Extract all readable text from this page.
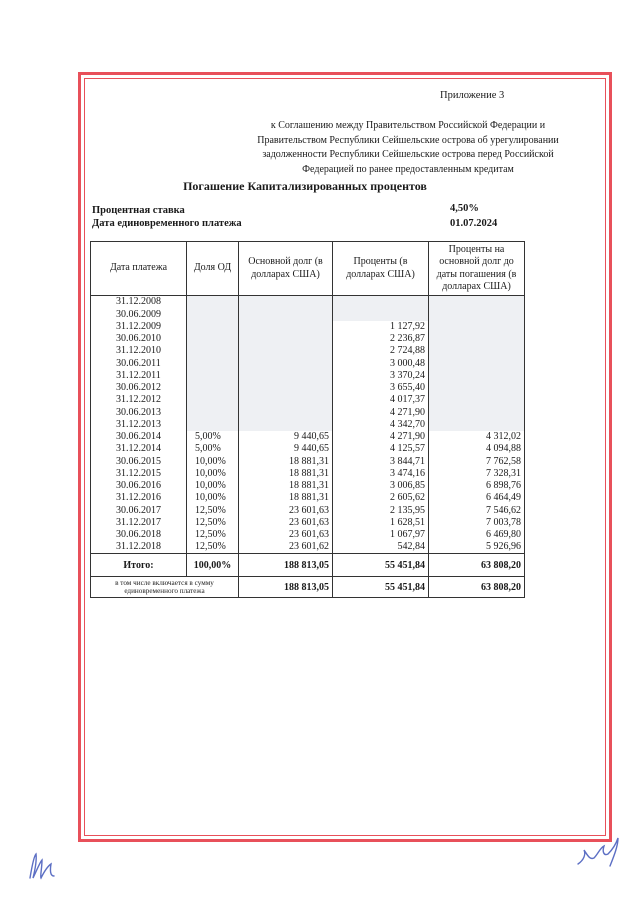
Приложение 3
к Соглашению между Правительством Российской Федерации и
Правительством Республики Сейшельские острова об урегулировании
задолженности Республики Сейшельские острова перед Российской
Федерацией по ранее предоставленным кредитам
Погашение Капитализированных процентов
Процентная ставка	4,50%
Дата единовременного платежа	01.07.2024
Дата платежа	Доля ОД	Основной долг (в долларах США)	Проценты (в долларах США)	Проценты на основной долг до даты погашения (в долларах США)
31.12.2008				
30.06.2009				
31.12.2009			1 127,92	
30.06.2010			2 236,87	
31.12.2010			2 724,88	
30.06.2011			3 000,48	
31.12.2011			3 370,24	
30.06.2012			3 655,40	
31.12.2012			4 017,37	
30.06.2013			4 271,90	
31.12.2013			4 342,70	
30.06.2014	5,00%	9 440,65	4 271,90	4 312,02
31.12.2014	5,00%	9 440,65	4 125,57	4 094,88
30.06.2015	10,00%	18 881,31	3 844,71	7 762,58
31.12.2015	10,00%	18 881,31	3 474,16	7 328,31
30.06.2016	10,00%	18 881,31	3 006,85	6 898,76
31.12.2016	10,00%	18 881,31	2 605,62	6 464,49
30.06.2017	12,50%	23 601,63	2 135,95	7 546,62
31.12.2017	12,50%	23 601,63	1 628,51	7 003,78
30.06.2018	12,50%	23 601,63	1 067,97	6 469,80
31.12.2018	12,50%	23 601,62	542,84	5 926,96
Итого:	100,00%	188 813,05	55 451,84	63 808,20
в том числе включается в сумму единовременного платежа		188 813,05	55 451,84	63 808,20
